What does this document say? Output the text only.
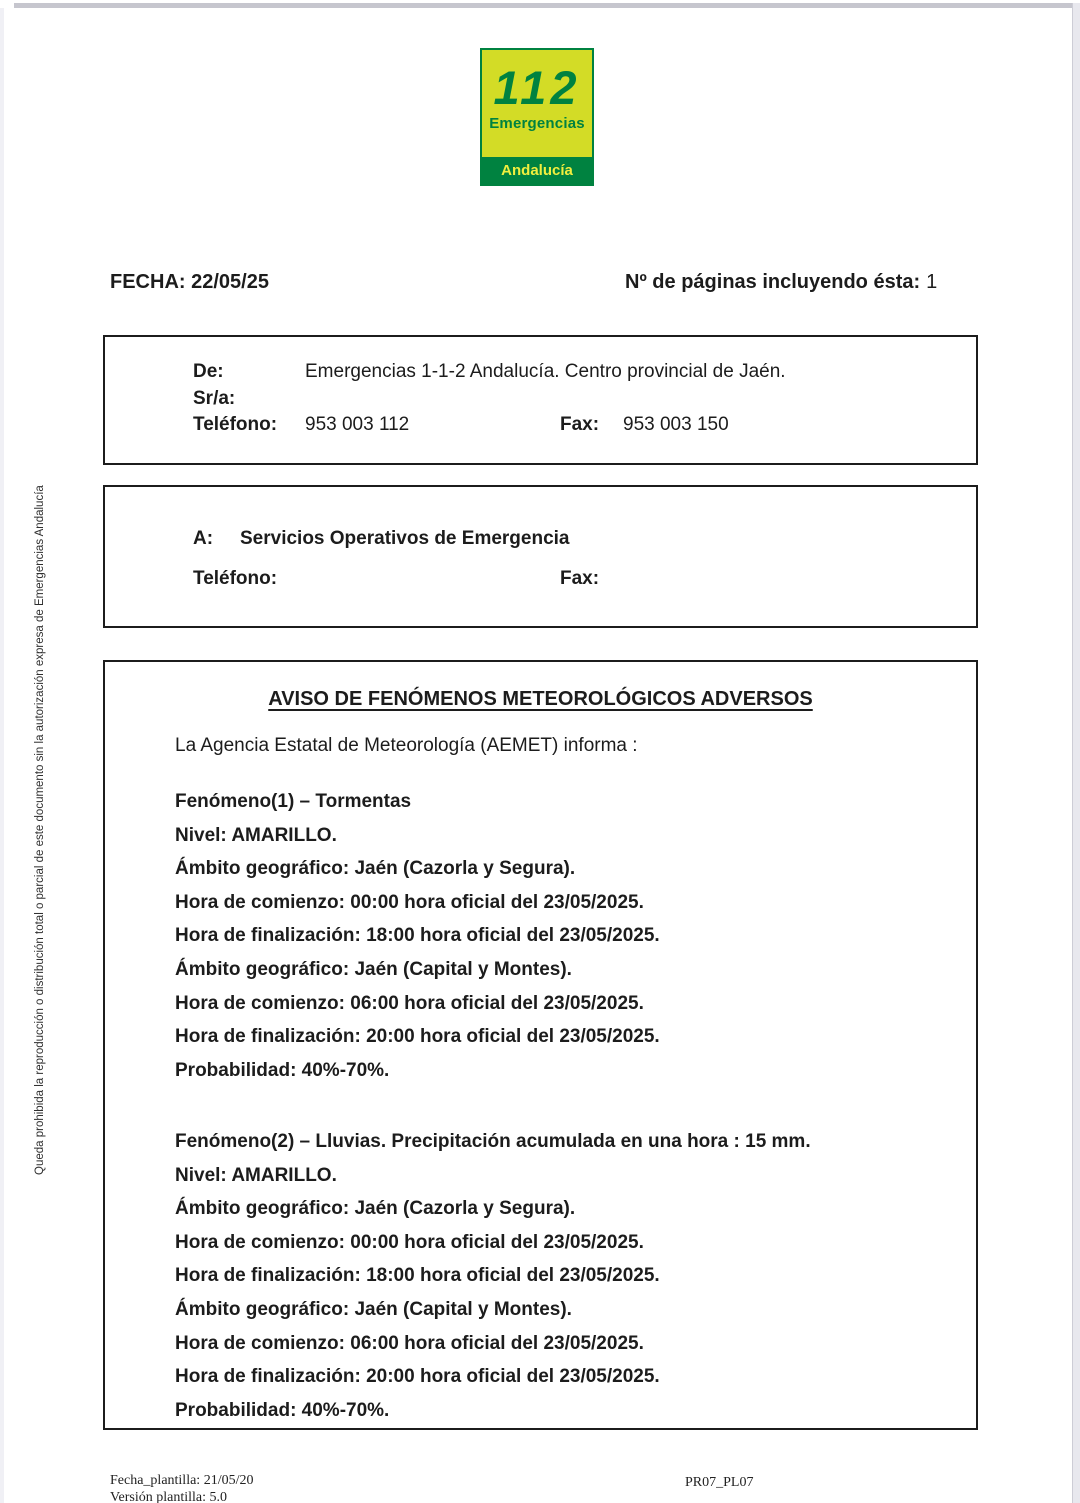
Queda prohibida la reproducción o distribución total o parcial de este documento sin la autorización expresa de Emergencias Andalucía
112
Emergencias
Andalucía
FECHA: 22/05/25	Nº de páginas incluyendo ésta: 1
De:	Emergencias 1-1-2 Andalucía. Centro provincial de Jaén.
Sr/a:
Teléfono:	953 003 112	Fax:	953 003 150
A:	Servicios Operativos de Emergencia
Teléfono:	Fax:
AVISO DE FENÓMENOS METEOROLÓGICOS ADVERSOS
La Agencia Estatal de Meteorología (AEMET) informa :
Fenómeno(1) – Tormentas
Nivel: AMARILLO.
Ámbito geográfico: Jaén (Cazorla y Segura).
Hora de comienzo: 00:00 hora oficial del 23/05/2025.
Hora de finalización: 18:00 hora oficial del 23/05/2025.
Ámbito geográfico: Jaén (Capital y Montes).
Hora de comienzo: 06:00 hora oficial del 23/05/2025.
Hora de finalización: 20:00 hora oficial del 23/05/2025.
Probabilidad: 40%-70%.
Fenómeno(2) – Lluvias. Precipitación acumulada en una hora : 15 mm.
Nivel: AMARILLO.
Ámbito geográfico: Jaén (Cazorla y Segura).
Hora de comienzo: 00:00 hora oficial del 23/05/2025.
Hora de finalización: 18:00 hora oficial del 23/05/2025.
Ámbito geográfico: Jaén (Capital y Montes).
Hora de comienzo: 06:00 hora oficial del 23/05/2025.
Hora de finalización: 20:00 hora oficial del 23/05/2025.
Probabilidad: 40%-70%.
Fecha_plantilla: 21/05/20
Versión plantilla: 5.0
PR07_PL07
